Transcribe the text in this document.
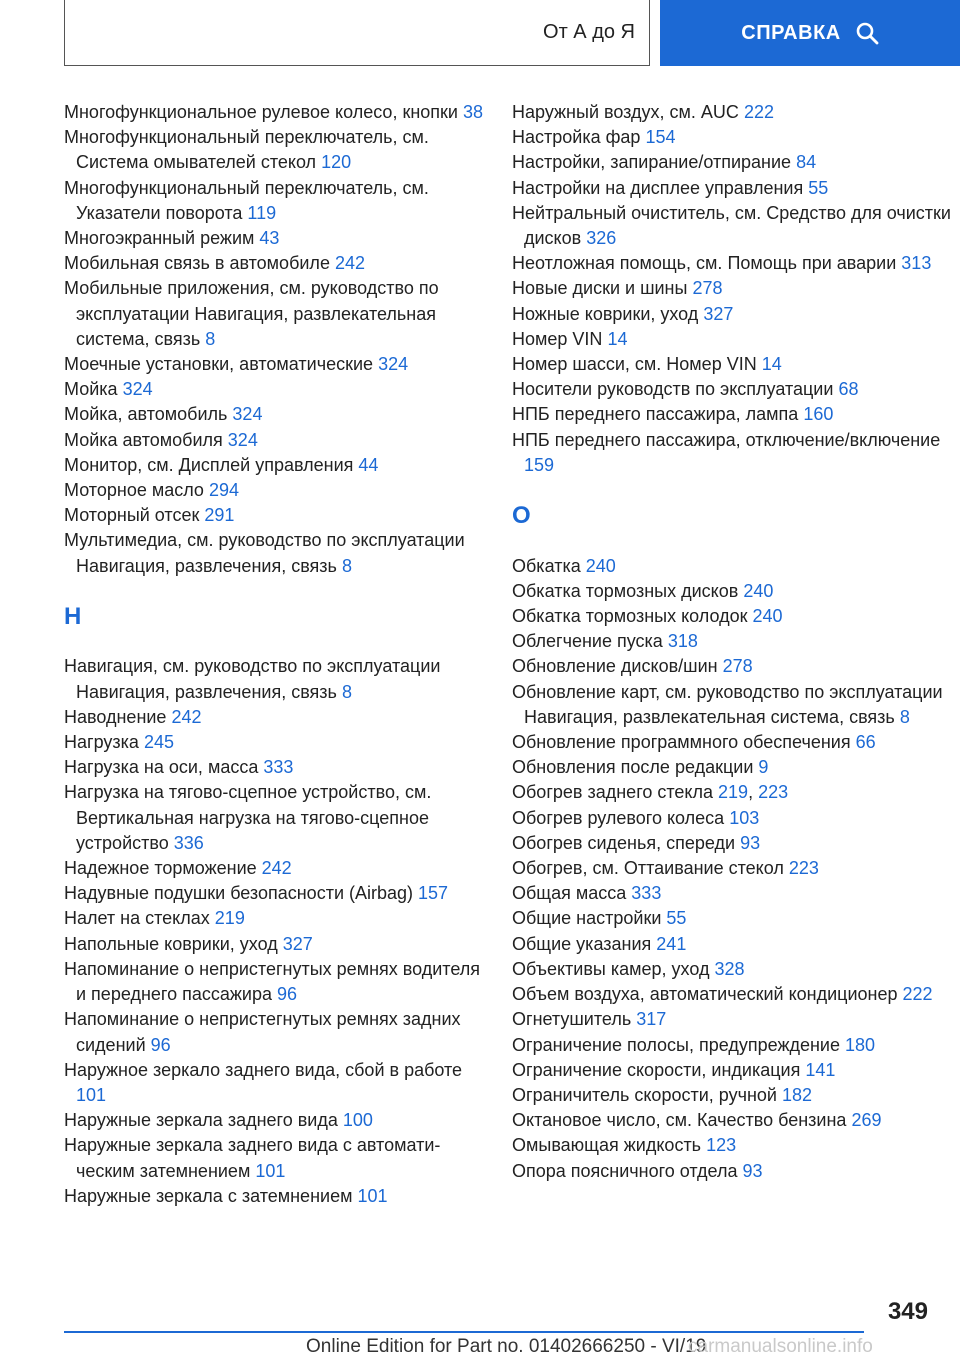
От А до Я	СПРАВКА
Многофункциональное рулевое колесо, кнопки 38
Многофункциональный переключатель, см. Система омывателей стекол 120
Многофункциональный переключатель, см. Указатели поворота 119
Многоэкранный режим 43
Мобильная связь в автомобиле 242
Мобильные приложения, см. руководство по эксплуатации Навигация, развлекательная система, связь 8
Моечные установки, автоматические 324
Мойка 324
Мойка, автомобиль 324
Мойка автомобиля 324
Монитор, см. Дисплей управления 44
Моторное масло 294
Моторный отсек 291
Мультимедиа, см. руководство по эксплуатации Навигация, развлечения, связь 8
Н
Навигация, см. руководство по эксплуатации Навигация, развлечения, связь 8
Наводнение 242
Нагрузка 245
Нагрузка на оси, масса 333
Нагрузка на тягово-сцепное устройство, см. Вертикальная нагрузка на тягово-сцепное устройство 336
Надежное торможение 242
Надувные подушки безопасности (Airbag) 157
Налет на стеклах 219
Напольные коврики, уход 327
Напоминание о непристегнутых ремнях водителя и переднего пассажира 96
Напоминание о непристегнутых ремнях задних сидений 96
Наружное зеркало заднего вида, сбой в работе 101
Наружные зеркала заднего вида 100
Наружные зеркала заднего вида с автоматическим затемнением 101
Наружные зеркала с затемнением 101
Наружный воздух, см. AUC 222
Настройка фар 154
Настройки, запирание/отпирание 84
Настройки на дисплее управления 55
Нейтральный очиститель, см. Средство для очистки дисков 326
Неотложная помощь, см. Помощь при аварии 313
Новые диски и шины 278
Ножные коврики, уход 327
Номер VIN 14
Номер шасси, см. Номер VIN 14
Носители руководств по эксплуатации 68
НПБ переднего пассажира, лампа 160
НПБ переднего пассажира, отключение/включение 159
О
Обкатка 240
Обкатка тормозных дисков 240
Обкатка тормозных колодок 240
Облегчение пуска 318
Обновление дисков/шин 278
Обновление карт, см. руководство по эксплуатации Навигация, развлекательная система, связь 8
Обновление программного обеспечения 66
Обновления после редакции 9
Обогрев заднего стекла 219, 223
Обогрев рулевого колеса 103
Обогрев сиденья, спереди 93
Обогрев, см. Оттаивание стекол 223
Общая масса 333
Общие настройки 55
Общие указания 241
Объективы камер, уход 328
Объем воздуха, автоматический кондиционер 222
Огнетушитель 317
Ограничение полосы, предупреждение 180
Ограничение скорости, индикация 141
Ограничитель скорости, ручной 182
Октановое число, см. Качество бензина 269
Омывающая жидкость 123
Опора поясничного отдела 93
349
Online Edition for Part no. 01402666250 - VI/19
carmanualsonline.info
